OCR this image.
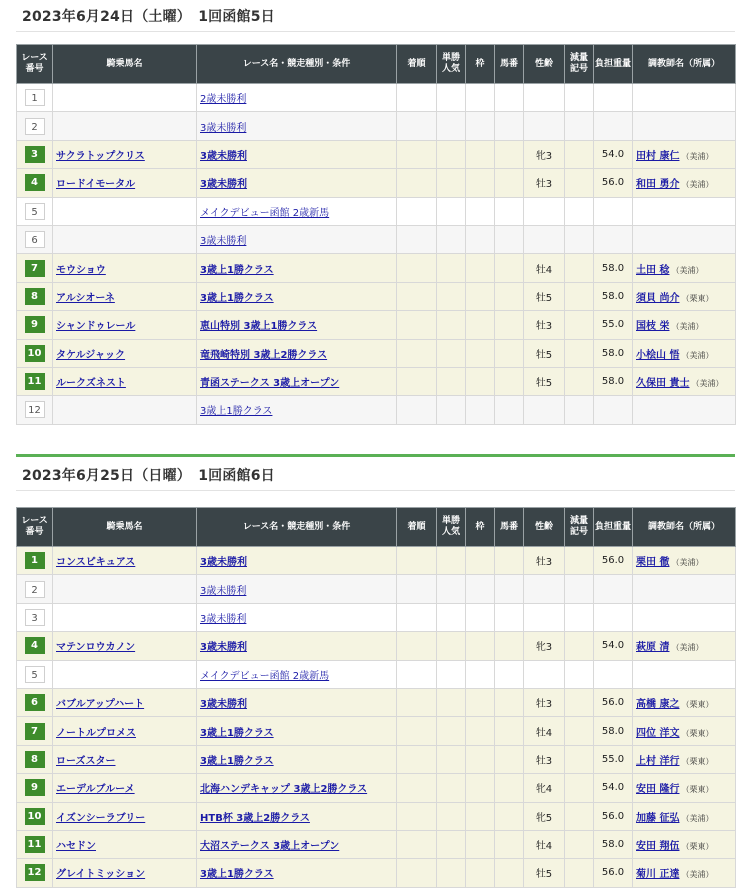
2023年6月24日（土曜）　1回函館5日
レース番号	騎乗馬名	レース名・競走種別・条件	着順	単勝人気	枠	馬番	性齢	減量記号	負担重量	調教師名（所属）
1		2歳未勝利								
2		3歳未勝利								
3	サクラトップクリス	3歳未勝利					牝3		54.0	田村 康仁 （美浦）
4	ロードイモータル	3歳未勝利					牡3		56.0	和田 勇介 （美浦）
5		メイクデビュー函館 2歳新馬								
6		3歳未勝利								
7	モウショウ	3歳上1勝クラス					牡4		58.0	土田 稔 （美浦）
8	アルシオーネ	3歳上1勝クラス					牡5		58.0	須貝 尚介 （栗東）
9	シャンドゥレール	恵山特別 3歳上1勝クラス					牡3		55.0	国枝 栄 （美浦）
10	タケルジャック	竜飛崎特別 3歳上2勝クラス					牡5		58.0	小桧山 悟 （美浦）
11	ルークズネスト	青函ステークス 3歳上オープン					牡5		58.0	久保田 貴士 （美浦）
12		3歳上1勝クラス								
2023年6月25日（日曜）　1回函館6日
レース番号	騎乗馬名	レース名・競走種別・条件	着順	単勝人気	枠	馬番	性齢	減量記号	負担重量	調教師名（所属）
1	コンスピキュアス	3歳未勝利					牡3		56.0	栗田 徹 （美浦）
2		3歳未勝利								
3		3歳未勝利								
4	マテンロウカノン	3歳未勝利					牝3		54.0	萩原 清 （美浦）
5		メイクデビュー函館 2歳新馬								
6	バブルアップハート	3歳未勝利					牡3		56.0	高橋 康之 （栗東）
7	ノートルプロメス	3歳上1勝クラス					牡4		58.0	四位 洋文 （栗東）
8	ローズスター	3歳上1勝クラス					牡3		55.0	上村 洋行 （栗東）
9	エーデルブルーメ	北海ハンデキャップ 3歳上2勝クラス					牝4		54.0	安田 隆行 （栗東）
10	イズンシーラブリー	HTB杯 3歳上2勝クラス					牝5		56.0	加藤 征弘 （美浦）
11	ハセドン	大沼ステークス 3歳上オープン					牡4		58.0	安田 翔伍 （栗東）
12	グレイトミッション	3歳上1勝クラス					牡5		56.0	菊川 正達 （美浦）
